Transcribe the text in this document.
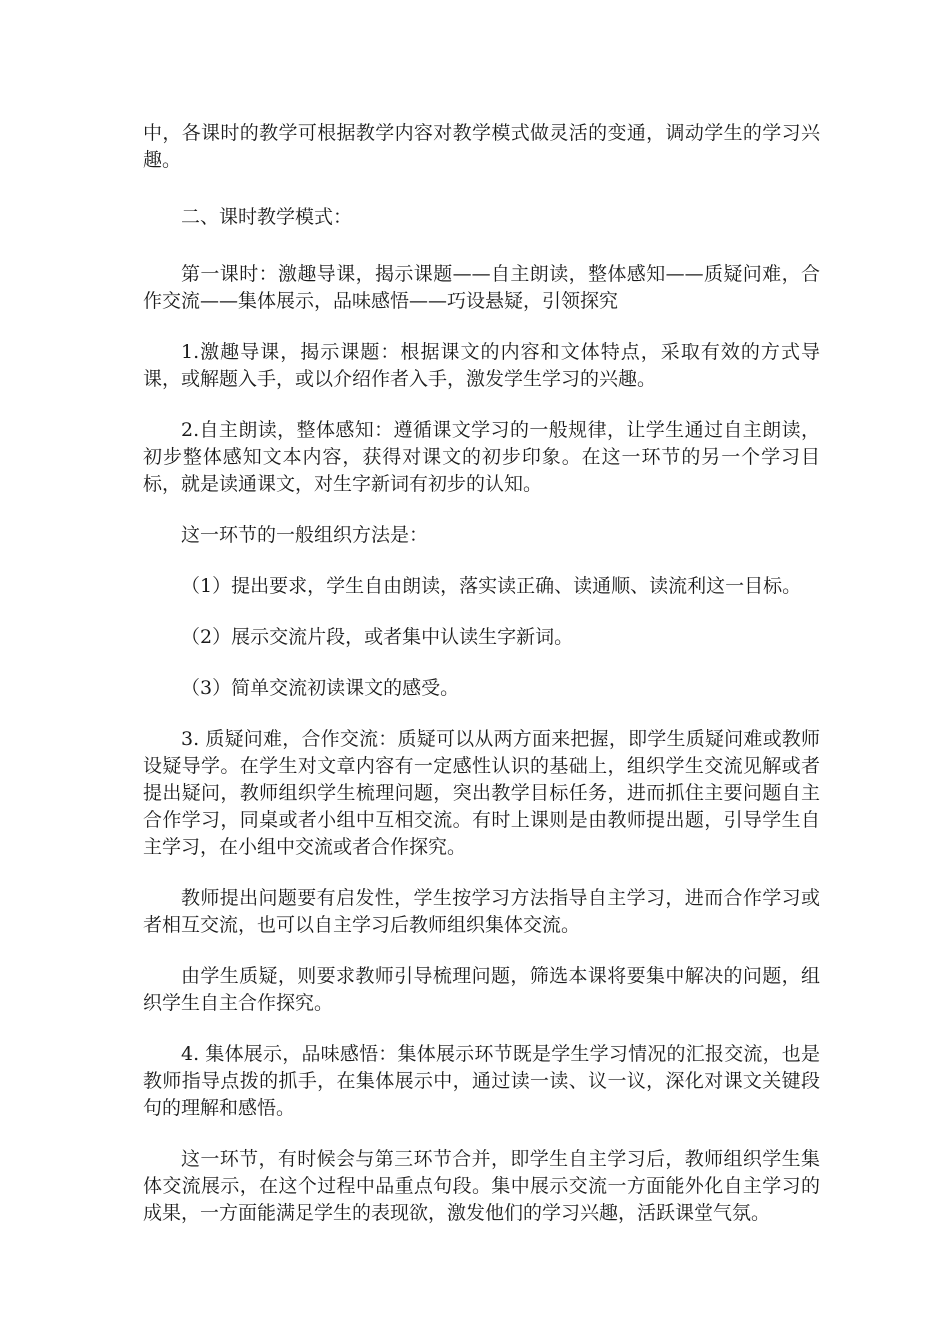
中，各课时的教学可根据教学内容对教学模式做灵活的变通，调动学生的学习兴趣。

二、课时教学模式：

第一课时：激趣导课，揭示课题——自主朗读，整体感知——质疑问难，合作交流——集体展示，品味感悟——巧设悬疑，引领探究

1.激趣导课，揭示课题：根据课文的内容和文体特点，采取有效的方式导课，或解题入手，或以介绍作者入手，激发学生学习的兴趣。

2.自主朗读，整体感知：遵循课文学习的一般规律，让学生通过自主朗读，初步整体感知文本内容，获得对课文的初步印象。在这一环节的另一个学习目标，就是读通课文，对生字新词有初步的认知。

这一环节的一般组织方法是：

（1）提出要求，学生自由朗读，落实读正确、读通顺、读流利这一目标。

（2）展示交流片段，或者集中认读生字新词。

（3）简单交流初读课文的感受。

3. 质疑问难，合作交流：质疑可以从两方面来把握，即学生质疑问难或教师设疑导学。在学生对文章内容有一定感性认识的基础上，组织学生交流见解或者提出疑问，教师组织学生梳理问题，突出教学目标任务，进而抓住主要问题自主合作学习，同桌或者小组中互相交流。有时上课则是由教师提出题，引导学生自主学习，在小组中交流或者合作探究。

教师提出问题要有启发性，学生按学习方法指导自主学习，进而合作学习或者相互交流，也可以自主学习后教师组织集体交流。

由学生质疑，则要求教师引导梳理问题，筛选本课将要集中解决的问题，组织学生自主合作探究。

4. 集体展示，品味感悟：集体展示环节既是学生学习情况的汇报交流，也是教师指导点拨的抓手，在集体展示中，通过读一读、议一议，深化对课文关键段句的理解和感悟。

这一环节，有时候会与第三环节合并，即学生自主学习后，教师组织学生集体交流展示，在这个过程中品重点句段。集中展示交流一方面能外化自主学习的成果，一方面能满足学生的表现欲，激发他们的学习兴趣，活跃课堂气氛。
